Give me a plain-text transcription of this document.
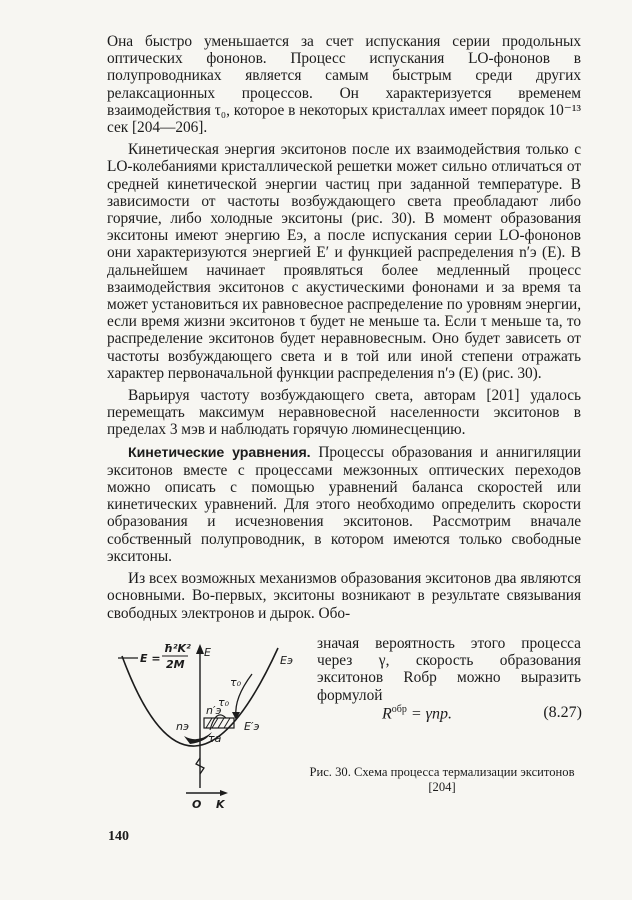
Она быстро уменьшается за счет испускания серии продольных оптических фононов. Процесс испускания LO-фононов в полупроводниках является самым быстрым среди других релаксационных процессов. Он характеризуется временем взаимодействия τ₀, которое в некоторых кристаллах имеет порядок 10⁻¹³ сек [204—206].

Кинетическая энергия экситонов после их взаимодействия только с LO-колебаниями кристаллической решетки может сильно отличаться от средней кинетической энергии частиц при заданной температуре. В зависимости от частоты возбуждающего света преобладают либо горячие, либо холодные экситоны (рис. 30). В момент образования экситоны имеют энергию Eэ, а после испускания серии LO-фононов они характеризуются энергией E′ и функцией распределения n′э (E). В дальнейшем начинает проявляться более медленный процесс взаимодействия экситонов с акустическими фононами и за время τа может установиться их равновесное распределение по уровням энергии, если время жизни экситонов τ будет не меньше τа. Если τ меньше τа, то распределение экситонов будет неравновесным. Оно будет зависеть от частоты возбуждающего света и в той или иной степени отражать характер первоначальной функции распределения n′э (E) (рис. 30).

Варьируя частоту возбуждающего света, авторам [201] удалось перемещать максимум неравновесной населенности экситонов в пределах 3 мэв и наблюдать горячую люминесценцию.

Кинетические уравнения. Процессы образования и аннигиляции экситонов вместе с процессами межзонных оптических переходов можно описать с помощью уравнений баланса скоростей или кинетических уравнений. Для этого необходимо определить скорости образования и исчезновения экситонов. Рассмотрим вначале собственный полупроводник, в котором имеются только свободные экситоны.

Из всех возможных механизмов образования экситонов два являются основными. Во-первых, экситоны возникают в результате связывания свободных электронов и дырок. Обо-

значая вероятность этого процесса через γ, скорость образования экситонов Rобр можно выразить формулой

$R^{обр} = \gamma np$.	(8.27)
E =
ħ²K²
2M
E
Eэ
τ₀
τ₀
n′э
nэ	E′э
τа
O K
Рис. 30. Схема процесса термализации экситонов [204]
140
